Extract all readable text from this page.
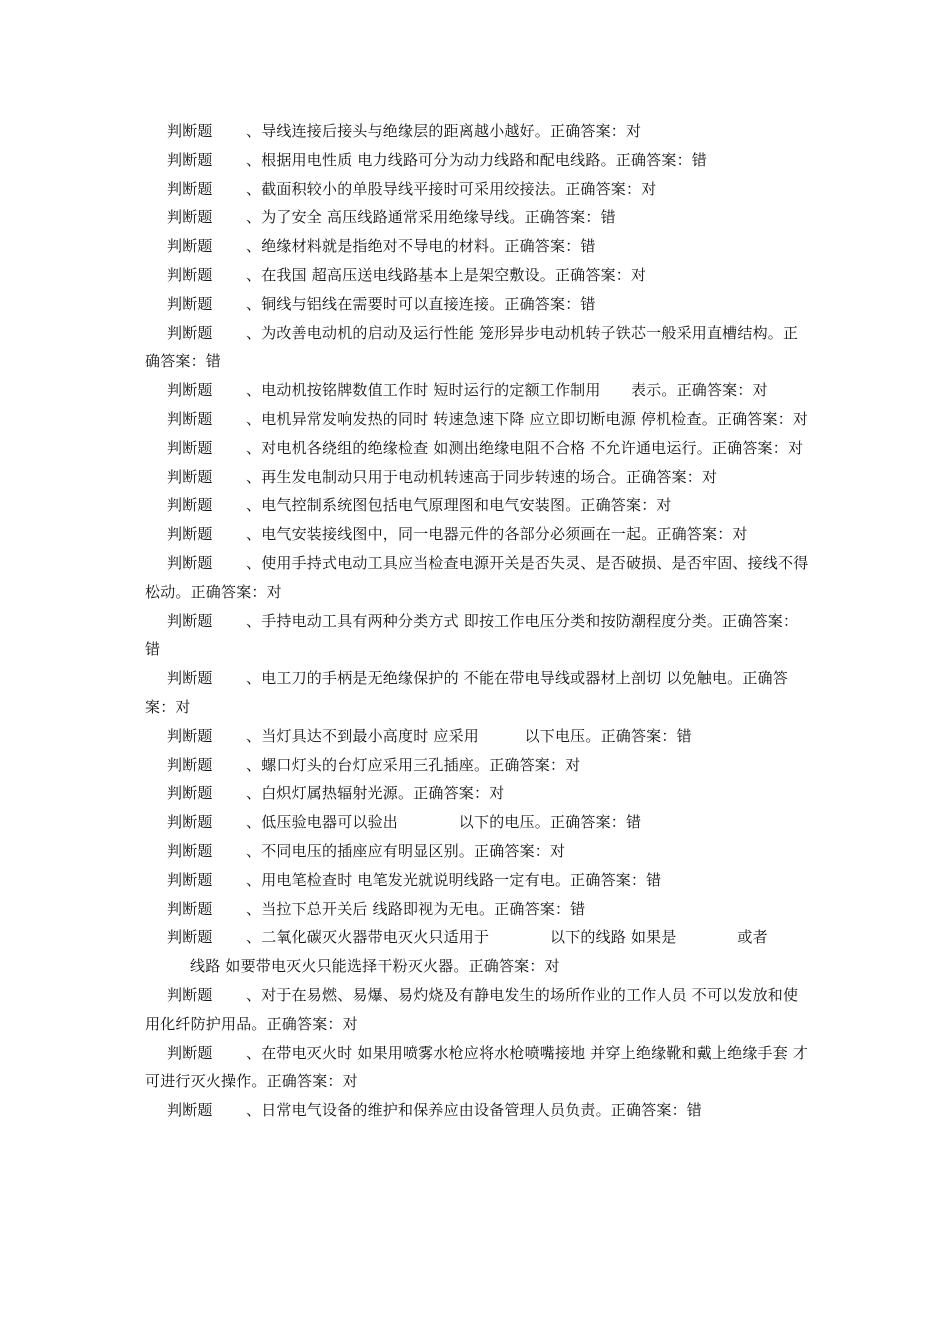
判断题 、导线连接后接头与绝缘层的距离越小越好。正确答案：对

判断题 、根据用电性质 电力线路可分为动力线路和配电线路。正确答案：错

判断题 、截面积较小的单股导线平接时可采用绞接法。正确答案：对

判断题 、为了安全 高压线路通常采用绝缘导线。正确答案：错

判断题 、绝缘材料就是指绝对不导电的材料。正确答案：错

判断题 、在我国 超高压送电线路基本上是架空敷设。正确答案：对

判断题 、铜线与铝线在需要时可以直接连接。正确答案：错

判断题 、为改善电动机的启动及运行性能 笼形异步电动机转子铁芯一般采用直槽结构。正确答案：错

判断题 、电动机按铭牌数值工作时 短时运行的定额工作制用　　表示。正确答案：对

判断题 、电机异常发响发热的同时 转速急速下降 应立即切断电源 停机检查。正确答案：对

判断题 、对电机各绕组的绝缘检查 如测出绝缘电阻不合格 不允许通电运行。正确答案：对

判断题 、再生发电制动只用于电动机转速高于同步转速的场合。正确答案：对

判断题 、电气控制系统图包括电气原理图和电气安装图。正确答案：对

判断题 、电气安装接线图中，同一电器元件的各部分必须画在一起。正确答案：对

判断题 、使用手持式电动工具应当检查电源开关是否失灵、是否破损、是否牢固、接线不得松动。正确答案：对

判断题 、手持电动工具有两种分类方式 即按工作电压分类和按防潮程度分类。正确答案：错

判断题 、电工刀的手柄是无绝缘保护的 不能在带电导线或器材上剖切 以免触电。正确答案：对

判断题 、当灯具达不到最小高度时 应采用　　　以下电压。正确答案：错

判断题 、螺口灯头的台灯应采用三孔插座。正确答案：对

判断题 、白炽灯属热辐射光源。正确答案：对

判断题 、低压验电器可以验出　　　　以下的电压。正确答案：错

判断题 、不同电压的插座应有明显区别。正确答案：对

判断题 、用电笔检查时 电笔发光就说明线路一定有电。正确答案：错

判断题 、当拉下总开关后 线路即视为无电。正确答案：错

判断题 、二氧化碳灭火器带电灭火只适用于　　　　以下的线路 如果是　　　　或者

线路 如要带电灭火只能选择干粉灭火器。正确答案：对

判断题 、对于在易燃、易爆、易灼烧及有静电发生的场所作业的工作人员 不可以发放和使用化纤防护用品。正确答案：对

判断题 、在带电灭火时 如果用喷雾水枪应将水枪喷嘴接地 并穿上绝缘靴和戴上绝缘手套 才可进行灭火操作。正确答案：对

判断题 、日常电气设备的维护和保养应由设备管理人员负责。正确答案：错
